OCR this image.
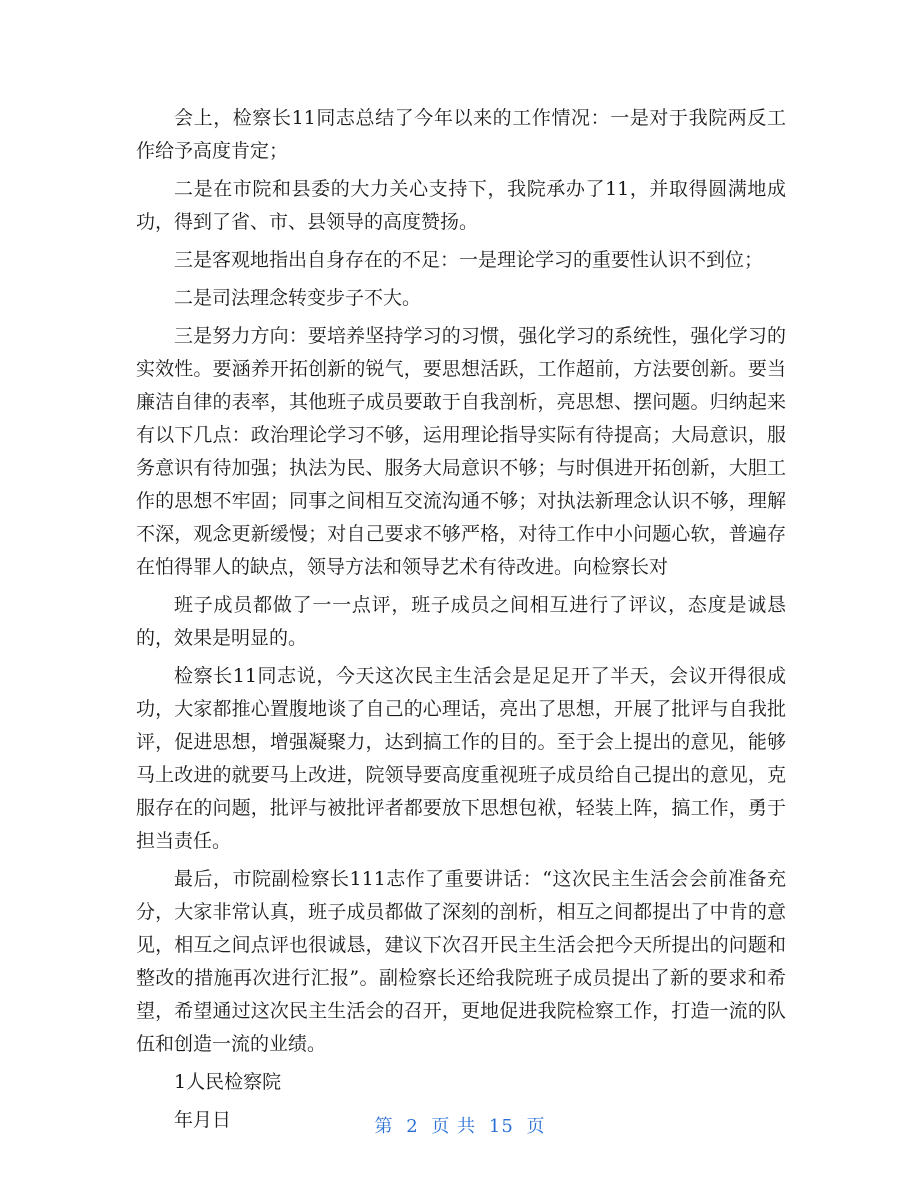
会上，检察长11同志总结了今年以来的工作情况：一是对于我院两反工作给予高度肯定；

二是在市院和县委的大力关心支持下，我院承办了11，并取得圆满地成功，得到了省、市、县领导的高度赞扬。

三是客观地指出自身存在的不足：一是理论学习的重要性认识不到位；

二是司法理念转变步子不大。

三是努力方向：要培养坚持学习的习惯，强化学习的系统性，强化学习的实效性。要涵养开拓创新的锐气，要思想活跃，工作超前，方法要创新。要当廉洁自律的表率，其他班子成员要敢于自我剖析，亮思想、摆问题。归纳起来有以下几点：政治理论学习不够，运用理论指导实际有待提高；大局意识，服务意识有待加强；执法为民、服务大局意识不够；与时俱进开拓创新，大胆工作的思想不牢固；同事之间相互交流沟通不够；对执法新理念认识不够，理解不深，观念更新缓慢；对自己要求不够严格，对待工作中小问题心软，普遍存在怕得罪人的缺点，领导方法和领导艺术有待改进。向检察长对

班子成员都做了一一点评，班子成员之间相互进行了评议，态度是诚恳的，效果是明显的。

检察长11同志说，今天这次民主生活会是足足开了半天，会议开得很成功，大家都推心置腹地谈了自己的心理话，亮出了思想，开展了批评与自我批评，促进思想，增强凝聚力，达到搞工作的目的。至于会上提出的意见，能够马上改进的就要马上改进，院领导要高度重视班子成员给自己提出的意见，克服存在的问题，批评与被批评者都要放下思想包袱，轻装上阵，搞工作，勇于担当责任。

最后，市院副检察长111志作了重要讲话：“这次民主生活会会前准备充分，大家非常认真，班子成员都做了深刻的剖析，相互之间都提出了中肯的意见，相互之间点评也很诚恳，建议下次召开民主生活会把今天所提出的问题和整改的措施再次进行汇报”。副检察长还给我院班子成员提出了新的要求和希望，希望通过这次民主生活会的召开，更地促进我院检察工作，打造一流的队伍和创造一流的业绩。

1人民检察院
年月日	第 2 页 共 15 页
